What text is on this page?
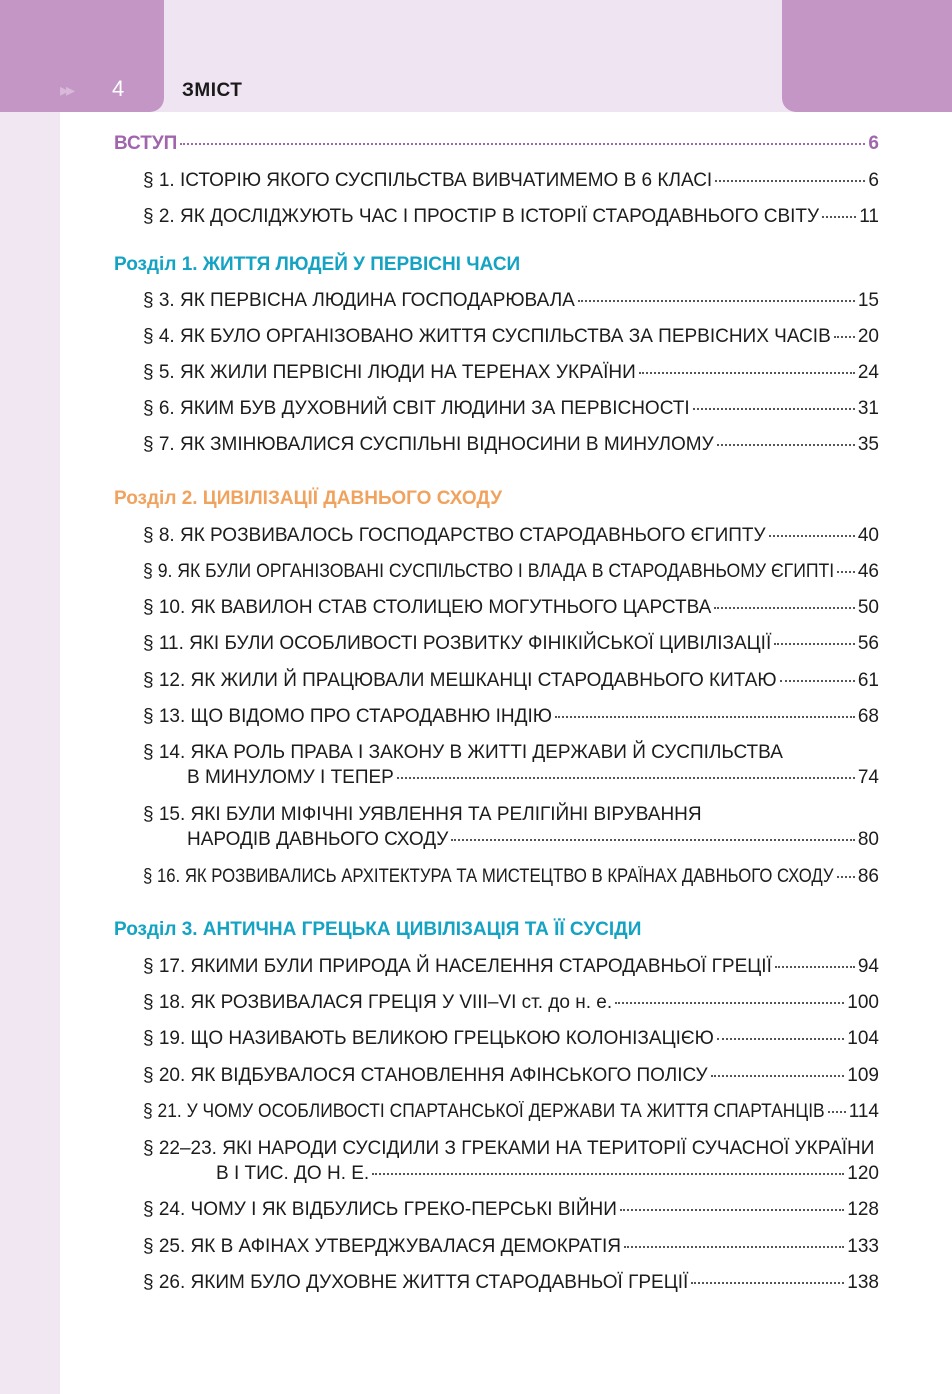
▸▸ 4	ЗМІСТ
ВСТУП	6
§ 1. ІСТОРІЮ ЯКОГО СУСПІЛЬСТВА ВИВЧАТИМЕМО В 6 КЛАСІ	6
§ 2. ЯК ДОСЛІДЖУЮТЬ ЧАС І ПРОСТІР В ІСТОРІЇ СТАРОДАВНЬОГО СВІТУ 11
Розділ 1. ЖИТТЯ ЛЮДЕЙ У ПЕРВІСНІ ЧАСИ
§ 3. ЯК ПЕРВІСНА ЛЮДИНА ГОСПОДАРЮВАЛА	15
§ 4. ЯК БУЛО ОРГАНІЗОВАНО ЖИТТЯ СУСПІЛЬСТВА ЗА ПЕРВІСНИХ ЧАСІВ 20
§ 5. ЯК ЖИЛИ ПЕРВІСНІ ЛЮДИ НА ТЕРЕНАХ УКРАЇНИ	24
§ 6. ЯКИМ БУВ ДУХОВНИЙ СВІТ ЛЮДИНИ ЗА ПЕРВІСНОСТІ	31
§ 7. ЯК ЗМІНЮВАЛИСЯ СУСПІЛЬНІ ВІДНОСИНИ В МИНУЛОМУ	35
Розділ 2. ЦИВІЛІЗАЦІЇ ДАВНЬОГО СХОДУ
§ 8. ЯК РОЗВИВАЛОСЬ ГОСПОДАРСТВО СТАРОДАВНЬОГО ЄГИПТУ	40
§ 9. ЯК БУЛИ ОРГАНІЗОВАНІ СУСПІЛЬСТВО І ВЛАДА В СТАРОДАВНЬОМУ ЄГИПТІ 46
§ 10. ЯК ВАВИЛОН СТАВ СТОЛИЦЕЮ МОГУТНЬОГО ЦАРСТВА	50
§ 11. ЯКІ БУЛИ ОСОБЛИВОСТІ РОЗВИТКУ ФІНІКІЙСЬКОЇ ЦИВІЛІЗАЦІЇ	56
§ 12. ЯК ЖИЛИ Й ПРАЦЮВАЛИ МЕШКАНЦІ СТАРОДАВНЬОГО КИТАЮ	61
§ 13. ЩО ВІДОМО ПРО СТАРОДАВНЮ ІНДІЮ	68
§ 14. ЯКА РОЛЬ ПРАВА І ЗАКОНУ В ЖИТТІ ДЕРЖАВИ Й СУСПІЛЬСТВА
В МИНУЛОМУ І ТЕПЕР	74
§ 15. ЯКІ БУЛИ МІФІЧНІ УЯВЛЕННЯ ТА РЕЛІГІЙНІ ВІРУВАННЯ
НАРОДІВ ДАВНЬОГО СХОДУ	80
§ 16. ЯК РОЗВИВАЛИСЬ АРХІТЕКТУРА ТА МИСТЕЦТВО В КРАЇНАХ ДАВНЬОГО СХОДУ 86
Розділ 3. АНТИЧНА ГРЕЦЬКА ЦИВІЛІЗАЦІЯ ТА ЇЇ СУСІДИ
§ 17. ЯКИМИ БУЛИ ПРИРОДА Й НАСЕЛЕННЯ СТАРОДАВНЬОЇ ГРЕЦІЇ	94
§ 18. ЯК РОЗВИВАЛАСЯ ГРЕЦІЯ У VIII–VI ст. до н. е.	100
§ 19. ЩО НАЗИВАЮТЬ ВЕЛИКОЮ ГРЕЦЬКОЮ КОЛОНІЗАЦІЄЮ	104
§ 20. ЯК ВІДБУВАЛОСЯ СТАНОВЛЕННЯ АФІНСЬКОГО ПОЛІСУ	109
§ 21. У ЧОМУ ОСОБЛИВОСТІ СПАРТАНСЬКОЇ ДЕРЖАВИ ТА ЖИТТЯ СПАРТАНЦІВ 114
§ 22–23. ЯКІ НАРОДИ СУСІДИЛИ З ГРЕКАМИ НА ТЕРИТОРІЇ СУЧАСНОЇ УКРАЇНИ
В І ТИС. ДО Н. Е.	120
§ 24. ЧОМУ І ЯК ВІДБУЛИСЬ ГРЕКО-ПЕРСЬКІ ВІЙНИ	128
§ 25. ЯК В АФІНАХ УТВЕРДЖУВАЛАСЯ ДЕМОКРАТІЯ	133
§ 26. ЯКИМ БУЛО ДУХОВНЕ ЖИТТЯ СТАРОДАВНЬОЇ ГРЕЦІЇ	138
